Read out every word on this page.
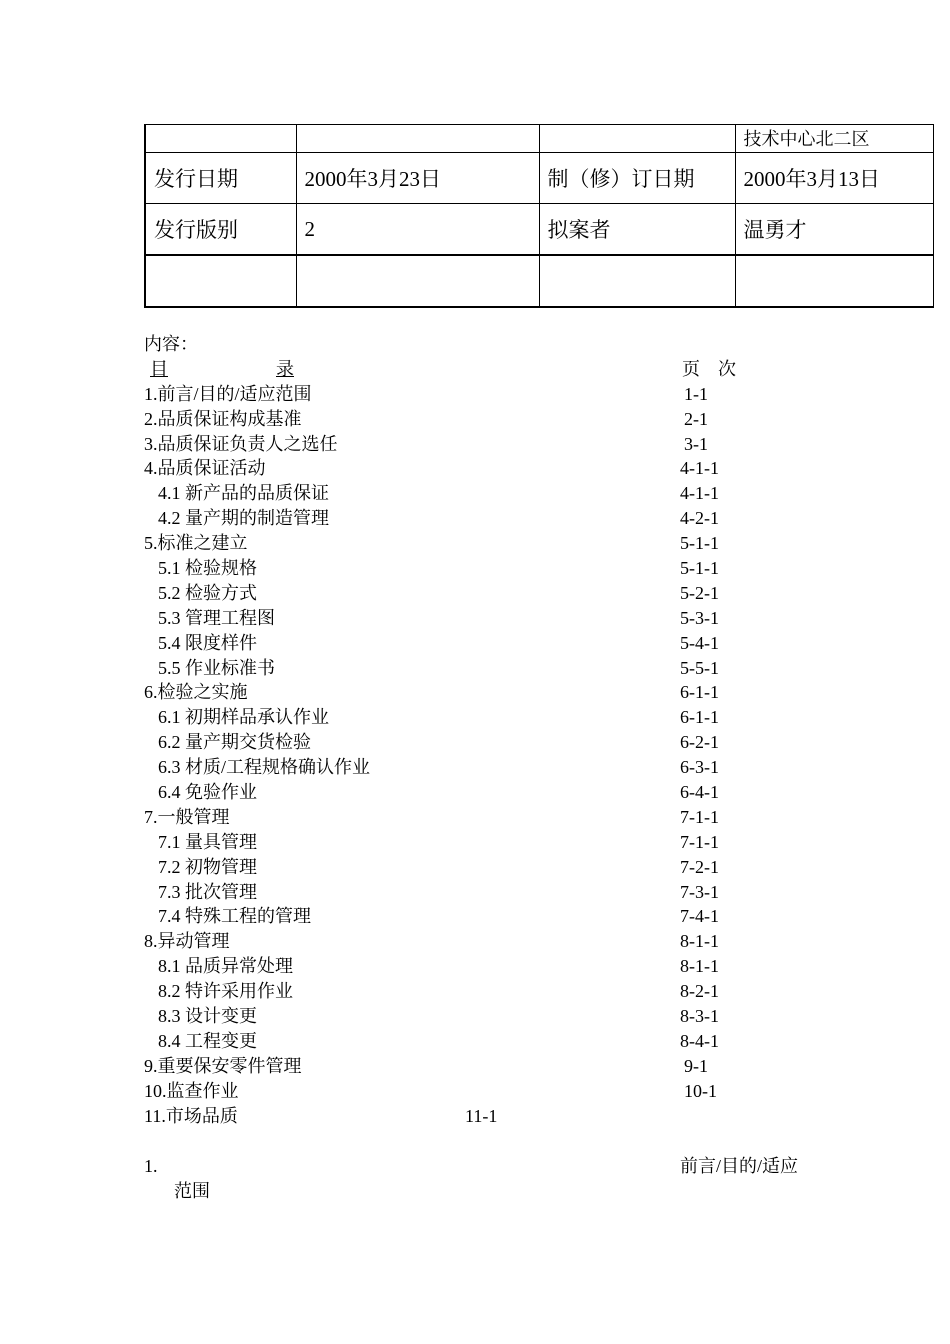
			技术中心北二区
发行日期	2000年3月23日	制（修）订日期	2000年3月13日
发行版别	2	拟案者	温勇才

内容：
目	录	页 次
1.前言/目的/适应范围	1-1
2.品质保证构成基准	2-1
3.品质保证负责人之选任	3-1
4.品质保证活动	4-1-1
4.1 新产品的品质保证	4-1-1
4.2 量产期的制造管理	4-2-1
5.标准之建立	5-1-1
5.1 检验规格	5-1-1
5.2 检验方式	5-2-1
5.3 管理工程图	5-3-1
5.4 限度样件	5-4-1
5.5 作业标准书	5-5-1
6.检验之实施	6-1-1
6.1 初期样品承认作业	6-1-1
6.2 量产期交货检验	6-2-1
6.3 材质/工程规格确认作业	6-3-1
6.4 免验作业	6-4-1
7.一般管理	7-1-1
7.1 量具管理	7-1-1
7.2 初物管理	7-2-1
7.3 批次管理	7-3-1
7.4 特殊工程的管理	7-4-1
8.异动管理	8-1-1
8.1 品质异常处理	8-1-1
8.2 特许采用作业	8-2-1
8.3 设计变更	8-3-1
8.4 工程变更	8-4-1
9.重要保安零件管理	9-1
10.监查作业	10-1
11.市场品质	11-1
1.	前言/目的/适应
范围
